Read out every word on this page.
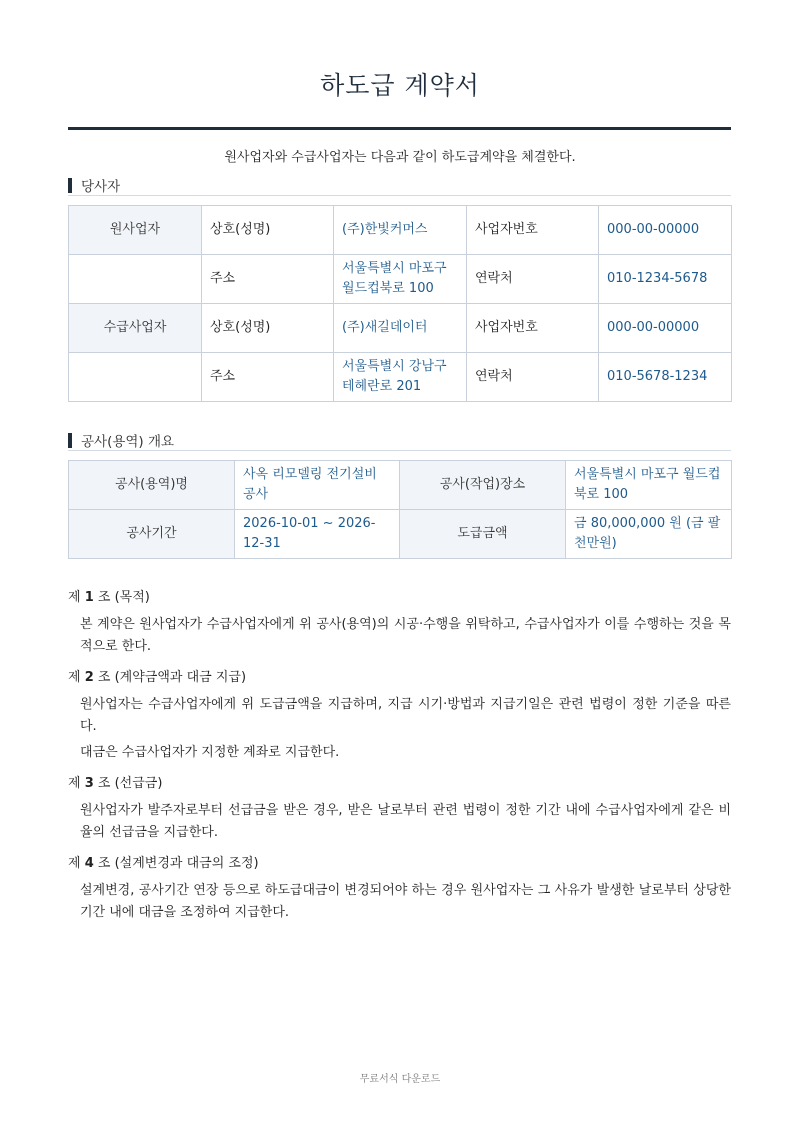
하도급 계약서
원사업자와 수급사업자는 다음과 같이 하도급계약을 체결한다.
당사자
원사업자	상호(성명)	(주)한빛커머스	사업자번호	000-00-00000
	주소	서울특별시 마포구 월드컵북로 100	연락처	010-1234-5678
수급사업자	상호(성명)	(주)새길데이터	사업자번호	000-00-00000
	주소	서울특별시 강남구 테헤란로 201	연락처	010-5678-1234
공사(용역) 개요
공사(용역)명	사옥 리모델링 전기설비 공사	공사(작업)장소	서울특별시 마포구 월드컵북로 100
공사기간	2026-10-01 ~ 2026-12-31	도급금액	금 80,000,000 원 (금 팔천만원)
제 1 조 (목적)

본 계약은 원사업자가 수급사업자에게 위 공사(용역)의 시공·수행을 위탁하고, 수급사업자가 이를 수행하는 것을 목적으로 한다.

제 2 조 (계약금액과 대금 지급)

원사업자는 수급사업자에게 위 도급금액을 지급하며, 지급 시기·방법과 지급기일은 관련 법령이 정한 기준을 따른다.

대금은 수급사업자가 지정한 계좌로 지급한다.

제 3 조 (선급금)

원사업자가 발주자로부터 선급금을 받은 경우, 받은 날로부터 관련 법령이 정한 기간 내에 수급사업자에게 같은 비율의 선급금을 지급한다.

제 4 조 (설계변경과 대금의 조정)

설계변경, 공사기간 연장 등으로 하도급대금이 변경되어야 하는 경우 원사업자는 그 사유가 발생한 날로부터 상당한 기간 내에 대금을 조정하여 지급한다.

무료서식 다운로드
